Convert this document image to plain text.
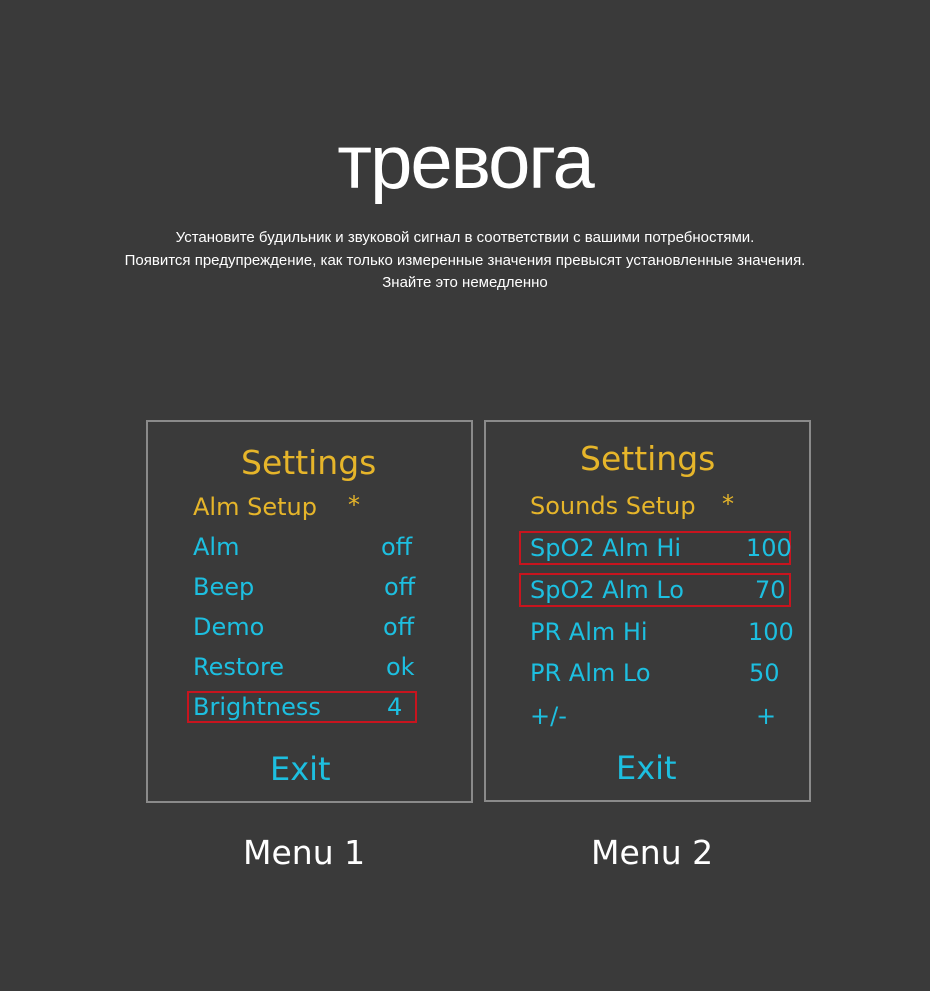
тревога
Установите будильник и звуковой сигнал в соответствии с вашими потребностями.
Появится предупреждение, как только измеренные значения превысят установленные значения.
Знайте это немедленно
Settings
Alm Setup *
Alm	off
Beep	off
Demo	off
Restore	ok
Brightness	4
Exit
Settings
Sounds Setup *
SpO2 Alm Hi	100
SpO2 Alm Lo	70
PR Alm Hi	100
PR Alm Lo	50
+/-	+
Exit
Menu 1	Menu 2
